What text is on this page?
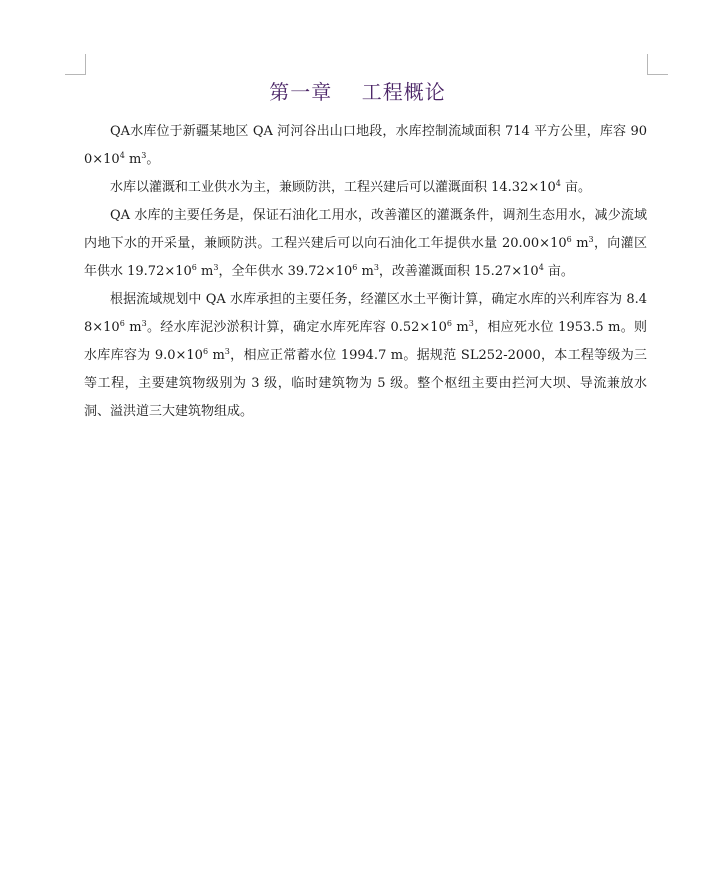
第一章    工程概论

QA水库位于新疆某地区 QA 河河谷出山口地段，水库控制流域面积 714 平方公里，库容 $900\times 10^4$ $m^3$。

水库以灌溉和工业供水为主，兼顾防洪，工程兴建后可以灌溉面积 $14.32\times 10^4$ 亩。

QA 水库的主要任务是，保证石油化工用水，改善灌区的灌溉条件，调剂生态用水，减少流域内地下水的开采量，兼顾防洪。工程兴建后可以向石油化工年提供水量 $20.00\times 10^6$ $m^3$，向灌区年供水 $19.72\times 10^6$ $m^3$，全年供水 $39.72\times 10^6$ $m^3$，改善灌溉面积 $15.27\times 10^4$ 亩。

根据流域规划中 QA 水库承担的主要任务，经灌区水土平衡计算，确定水库的兴利库容为 $8.48\times 10^6$ $m^3$。经水库泥沙淤积计算，确定水库死库容 $0.52\times 10^6$ $m^3$，相应死水位 1953.5 m。则水库库容为 $9.0\times 10^6$ $m^3$，相应正常蓄水位 1994.7 m。据规范 SL252-2000，本工程等级为三等工程，主要建筑物级别为 3 级，临时建筑物为 5 级。整个枢纽主要由拦河大坝、导流兼放水洞、溢洪道三大建筑物组成。
